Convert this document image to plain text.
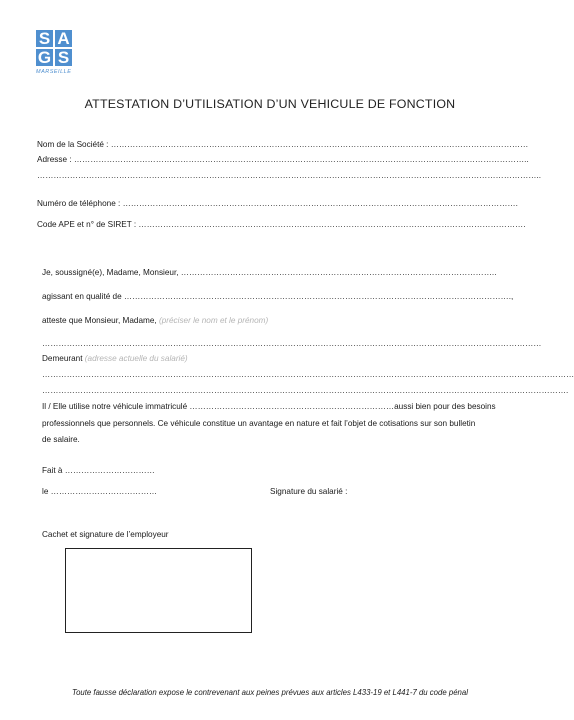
S A
G S
MARSEILLE
ATTESTATION D’UTILISATION D’UN VEHICULE DE FONCTION
Nom de la Société : ………………………………………………………………………………………………………………………………………
Adresse : …………………………………………………………………………………………………………………………………………………..
…………………………………………………………………………………………………………………………………………………………………..
Numéro de téléphone : ……………………………………………………………………………………………………………………………….
Code APE et n° de SIRET : …………………………………………………………………………………………………………………………….
Je, soussigné(e), Madame, Monsieur, ……………………………………………………………………………………………………..
agissant en qualité de …………………………………………………………………………………………………………………………….,
atteste que Monsieur, Madame, (préciser le nom et le prénom)
…………………………………………………………………………………………………………………………………………………………………
Demeurant (adresse actuelle du salarié)
……………………………………………………………………………………………………………………………………………………………………………
………………………………………………………………………………………………………………………………………………………………………….
Il / Elle utilise notre véhicule immatriculé …………………………………………………………………aussi bien pour des besoins
professionnels que personnels. Ce véhicule constitue un avantage en nature et fait l’objet de cotisations sur son bulletin
de salaire.
Fait à ……………………………
le …………………………………	Signature du salarié :
Cachet et signature de l’employeur
Toute fausse déclaration expose le contrevenant aux peines prévues aux articles L433-19 et L441-7 du code pénal
